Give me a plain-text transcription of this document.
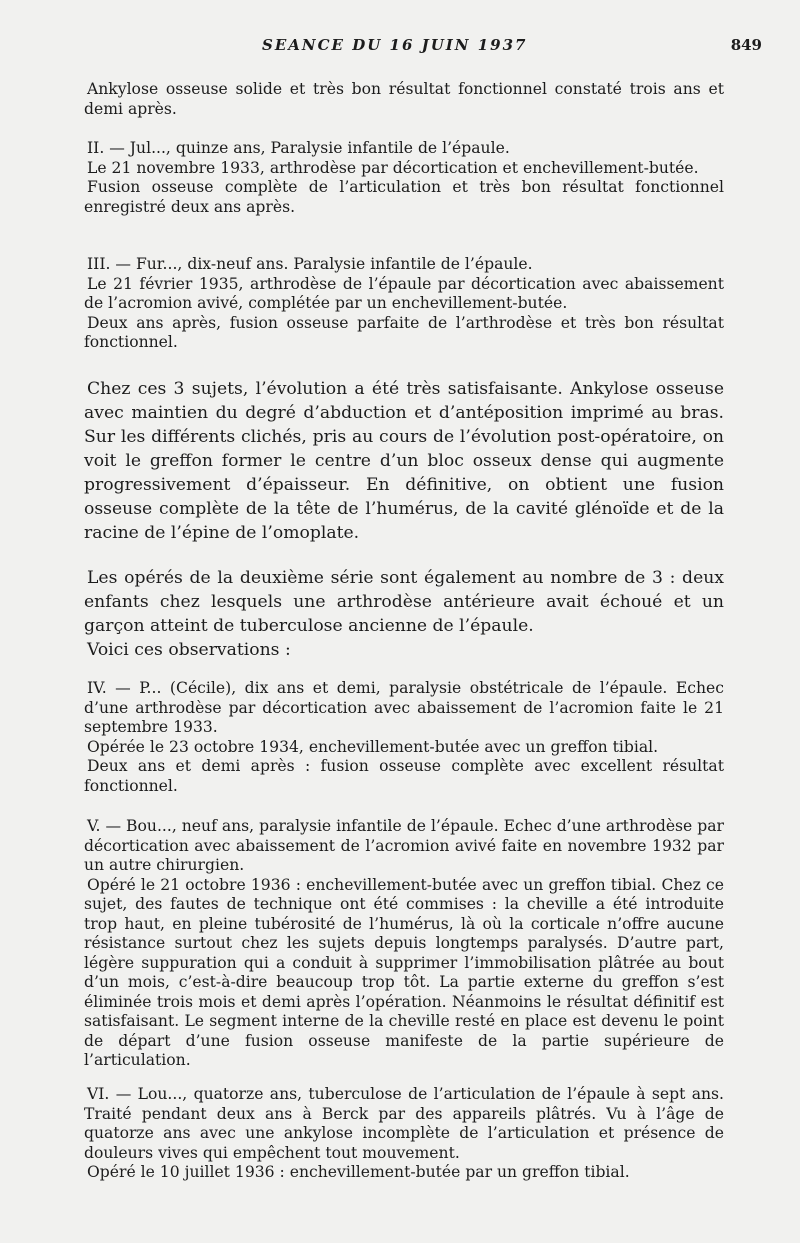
SEANCE DU 16 JUIN 1937	849

Ankylose osseuse solide et très bon résultat fonctionnel constaté trois ans et demi après.

II. — Jul..., quinze ans, Paralysie infantile de l’épaule.

Le 21 novembre 1933, arthrodèse par décortication et enchevillement-butée.

Fusion osseuse complète de l’articulation et très bon résultat fonctionnel enregistré deux ans après.

III. — Fur..., dix-neuf ans. Paralysie infantile de l’épaule.

Le 21 février 1935, arthrodèse de l’épaule par décortication avec abaissement de l’acromion avivé, complétée par un enchevillement-butée.

Deux ans après, fusion osseuse parfaite de l’arthrodèse et très bon résultat fonctionnel.

Chez ces 3 sujets, l’évolution a été très satisfaisante. Ankylose osseuse avec maintien du degré d’abduction et d’antéposition imprimé au bras. Sur les différents clichés, pris au cours de l’évolution post-opératoire, on voit le greffon former le centre d’un bloc osseux dense qui augmente progressivement d’épaisseur. En définitive, on obtient une fusion osseuse complète de la tête de l’humérus, de la cavité glénoïde et de la racine de l’épine de l’omoplate.

Les opérés de la deuxième série sont également au nombre de 3 : deux enfants chez lesquels une arthrodèse antérieure avait échoué et un garçon atteint de tuberculose ancienne de l’épaule.

Voici ces observations :

IV. — P... (Cécile), dix ans et demi, paralysie obstétricale de l’épaule. Echec d’une arthrodèse par décortication avec abaissement de l’acromion faite le 21 septembre 1933.

Opérée le 23 octobre 1934, enchevillement-butée avec un greffon tibial.

Deux ans et demi après : fusion osseuse complète avec excellent résultat fonctionnel.

V. — Bou..., neuf ans, paralysie infantile de l’épaule. Echec d’une arthrodèse par décortication avec abaissement de l’acromion avivé faite en novembre 1932 par un autre chirurgien.

Opéré le 21 octobre 1936 : enchevillement-butée avec un greffon tibial. Chez ce sujet, des fautes de technique ont été commises : la cheville a été introduite trop haut, en pleine tubérosité de l’humérus, là où la corticale n’offre aucune résistance surtout chez les sujets depuis longtemps paralysés. D’autre part, légère suppuration qui a conduit à supprimer l’immobilisation plâtrée au bout d’un mois, c’est-à-dire beaucoup trop tôt. La partie externe du greffon s’est éliminée trois mois et demi après l’opération. Néanmoins le résultat définitif est satisfaisant. Le segment interne de la cheville resté en place est devenu le point de départ d’une fusion osseuse manifeste de la partie supérieure de l’articulation.

VI. — Lou..., quatorze ans, tuberculose de l’articulation de l’épaule à sept ans. Traité pendant deux ans à Berck par des appareils plâtrés. Vu à l’âge de quatorze ans avec une ankylose incomplète de l’articulation et présence de douleurs vives qui empêchent tout mouvement.

Opéré le 10 juillet 1936 : enchevillement-butée par un greffon tibial.
